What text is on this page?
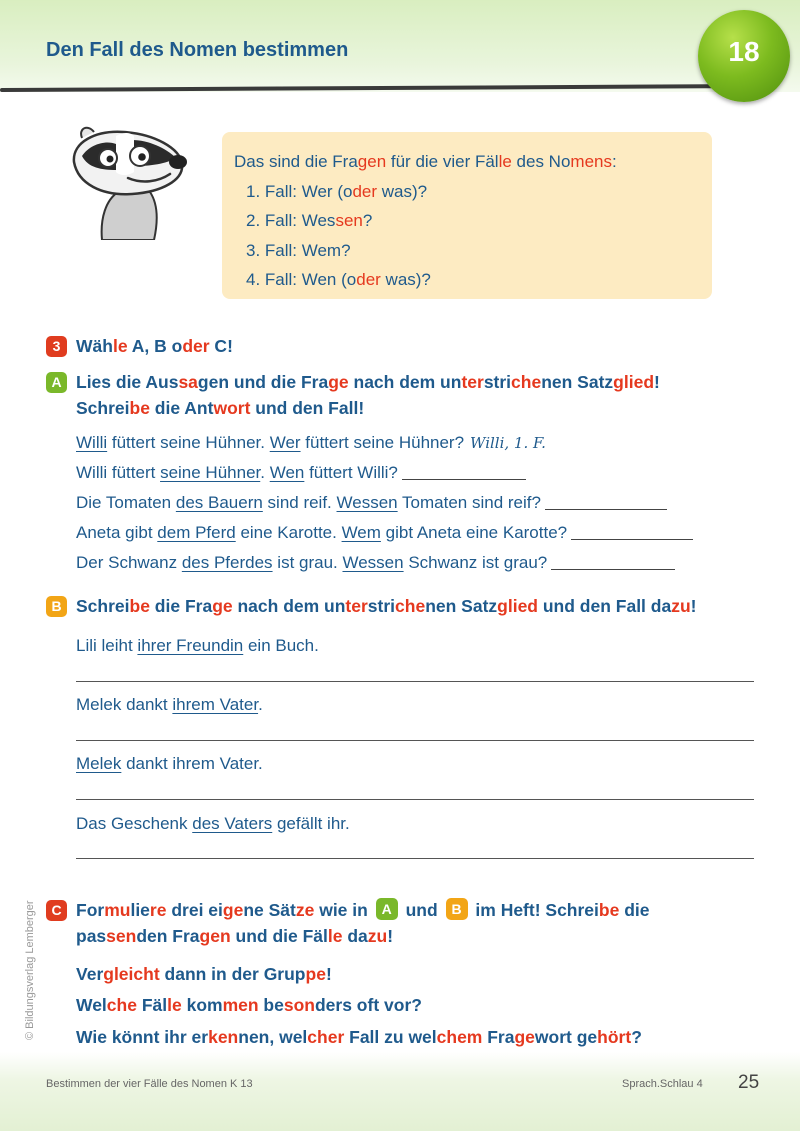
Den Fall des Nomen bestimmen	18
Das sind die Fragen für die vier Fälle des Nomens:
1. Fall: Wer (oder was)?
2. Fall: Wessen?
3. Fall: Wem?
4. Fall: Wen (oder was)?
3 Wähle A, B oder C!
A Lies die Aussagen und die Frage nach dem unterstrichenen Satzglied!
Schreibe die Antwort und den Fall!
Willi füttert seine Hühner. Wer füttert seine Hühner? Willi, 1. F.
Willi füttert seine Hühner. Wen füttert Willi?
Die Tomaten des Bauern sind reif. Wessen Tomaten sind reif?
Aneta gibt dem Pferd eine Karotte. Wem gibt Aneta eine Karotte?
Der Schwanz des Pferdes ist grau. Wessen Schwanz ist grau?
B Schreibe die Frage nach dem unterstrichenen Satzglied und den Fall dazu!
Lili leiht ihrer Freundin ein Buch.
Melek dankt ihrem Vater.
Melek dankt ihrem Vater.
Das Geschenk des Vaters gefällt ihr.
C Formuliere drei eigene Sätze wie in A und B im Heft! Schreibe die
passenden Fragen und die Fälle dazu!
Vergleicht dann in der Gruppe!
Welche Fälle kommen besonders oft vor?
Wie könnt ihr erkennen, welcher Fall zu welchem Fragewort gehört?
© Bildungsverlag Lemberger
Bestimmen der vier Fälle des Nomen K 13	Sprach.Schlau 4 25
